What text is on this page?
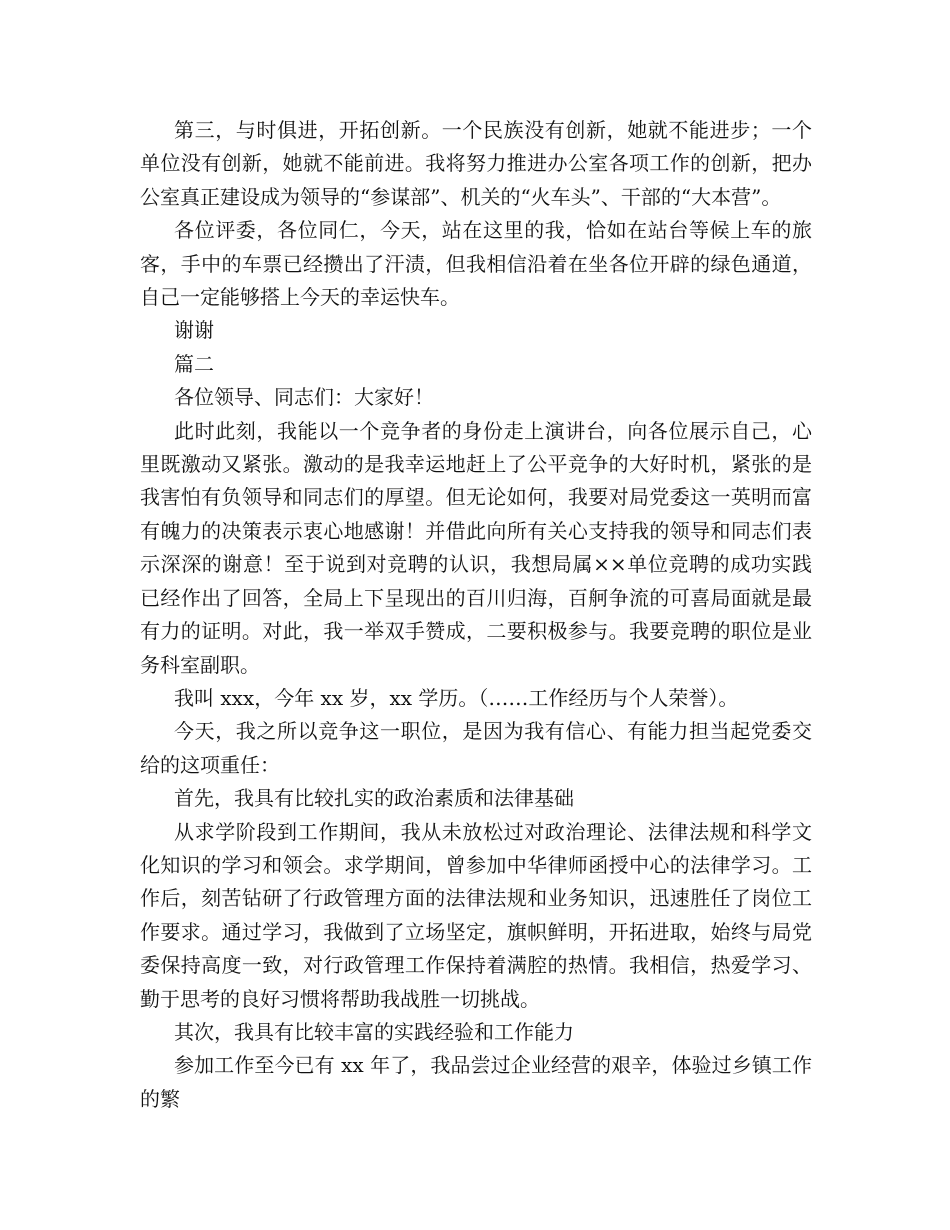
第三，与时俱进，开拓创新。一个民族没有创新，她就不能进步；一个单位没有创新，她就不能前进。我将努力推进办公室各项工作的创新，把办公室真正建设成为领导的“参谋部”、机关的“火车头”、干部的“大本营”。

各位评委，各位同仁，今天，站在这里的我，恰如在站台等候上车的旅客，手中的车票已经攒出了汗渍，但我相信沿着在坐各位开辟的绿色通道，自己一定能够搭上今天的幸运快车。

谢谢

篇二

各位领导、同志们：大家好！

此时此刻，我能以一个竞争者的身份走上演讲台，向各位展示自己，心里既激动又紧张。激动的是我幸运地赶上了公平竞争的大好时机，紧张的是我害怕有负领导和同志们的厚望。但无论如何，我要对局党委这一英明而富有魄力的决策表示衷心地感谢！并借此向所有关心支持我的领导和同志们表示深深的谢意！至于说到对竞聘的认识，我想局属××单位竞聘的成功实践已经作出了回答，全局上下呈现出的百川归海，百舸争流的可喜局面就是最有力的证明。对此，我一举双手赞成，二要积极参与。我要竞聘的职位是业务科室副职。

我叫 xxx，今年 xx 岁，xx 学历。（……工作经历与个人荣誉）。

今天，我之所以竞争这一职位，是因为我有信心、有能力担当起党委交给的这项重任：

首先，我具有比较扎实的政治素质和法律基础

从求学阶段到工作期间，我从未放松过对政治理论、法律法规和科学文化知识的学习和领会。求学期间，曾参加中华律师函授中心的法律学习。工作后，刻苦钻研了行政管理方面的法律法规和业务知识，迅速胜任了岗位工作要求。通过学习，我做到了立场坚定，旗帜鲜明，开拓进取，始终与局党委保持高度一致，对行政管理工作保持着满腔的热情。我相信，热爱学习、勤于思考的良好习惯将帮助我战胜一切挑战。

其次，我具有比较丰富的实践经验和工作能力

参加工作至今已有 xx 年了，我品尝过企业经营的艰辛，体验过乡镇工作的繁
